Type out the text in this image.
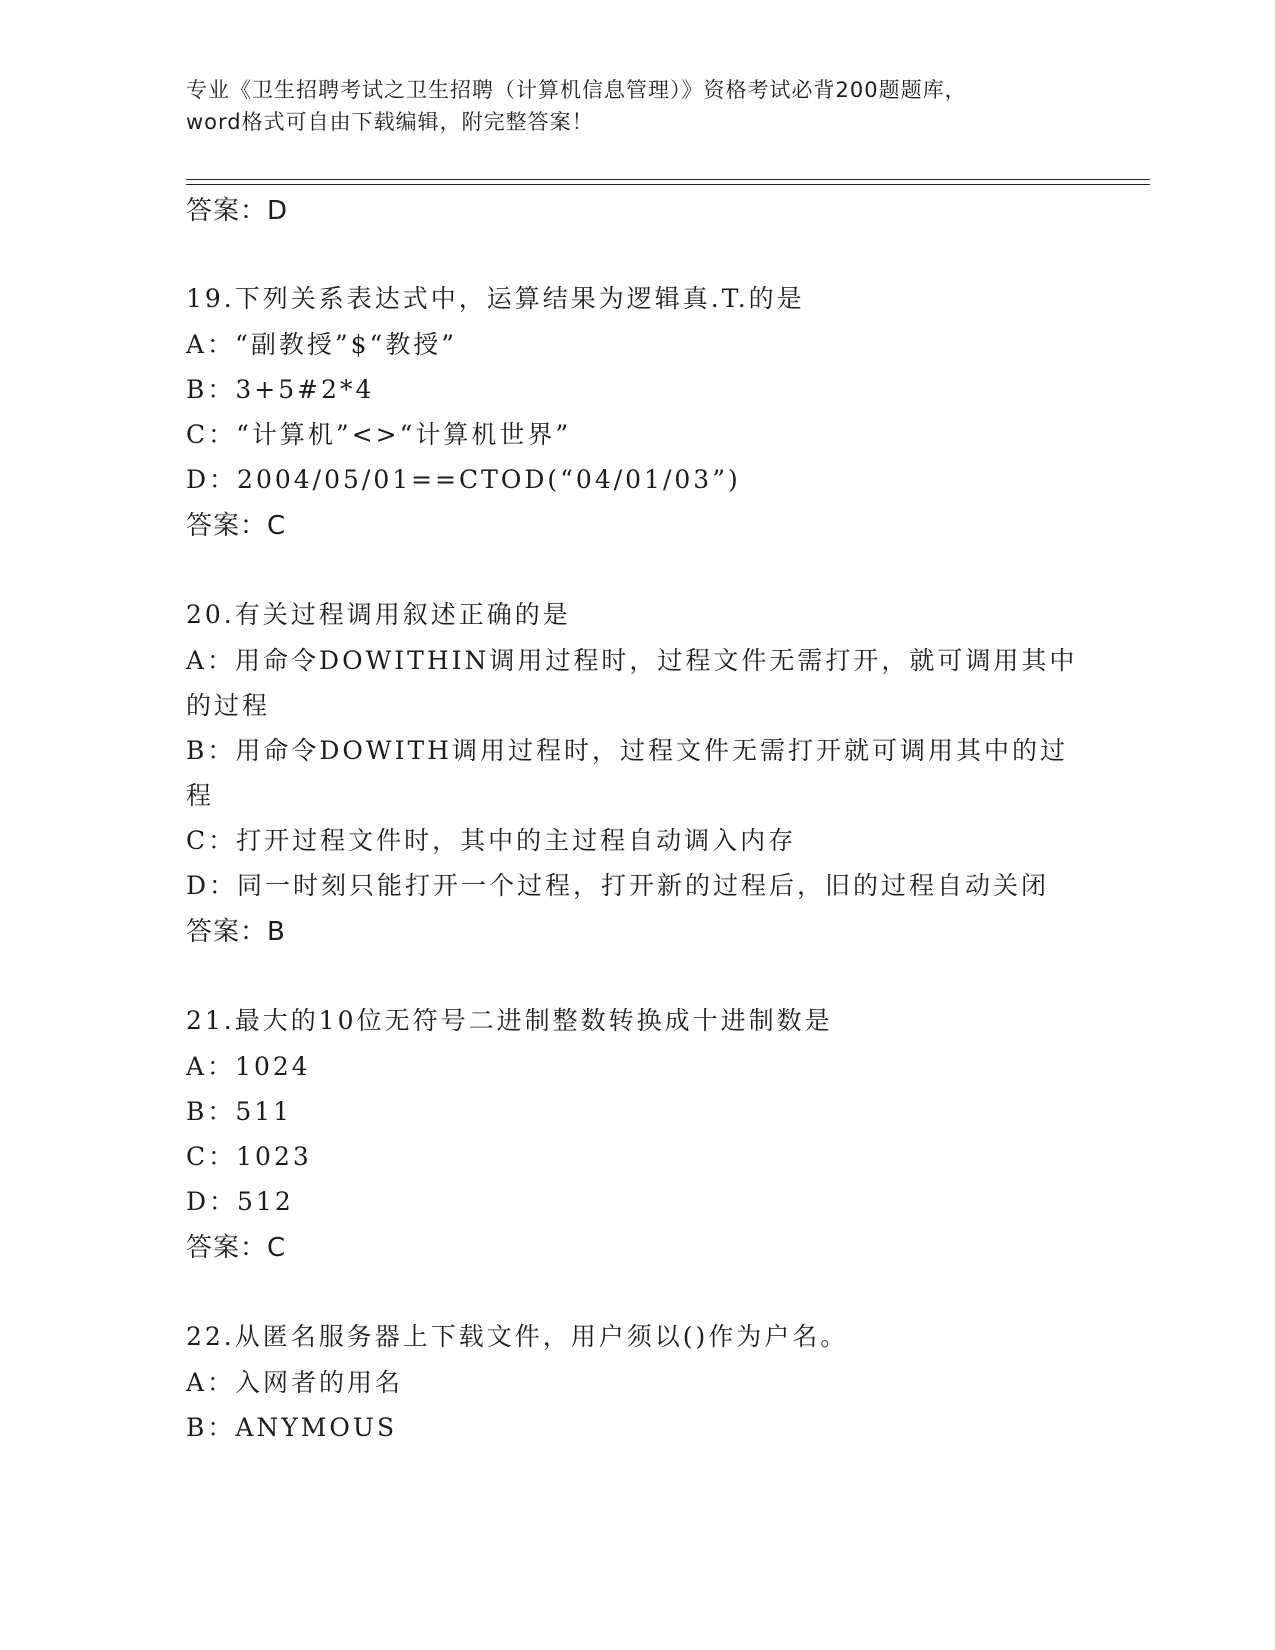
专业《卫生招聘考试之卫生招聘（计算机信息管理）》资格考试必背200题题库，

word格式可自由下载编辑，附完整答案！

答案：D

19.下列关系表达式中，运算结果为逻辑真.T.的是

A：“副教授”$“教授”

B：3+5#2*4

C：“计算机”<>“计算机世界”

D：2004/05/01==CTOD(“04/01/03”)

答案：C

20.有关过程调用叙述正确的是

A：用命令DOWITHIN调用过程时，过程文件无需打开，就可调用其中

的过程

B：用命令DOWITH调用过程时，过程文件无需打开就可调用其中的过

程

C：打开过程文件时，其中的主过程自动调入内存

D：同一时刻只能打开一个过程，打开新的过程后，旧的过程自动关闭

答案：B

21.最大的10位无符号二进制整数转换成十进制数是

A：1024

B：511

C：1023

D：512

答案：C

22.从匿名服务器上下载文件，用户须以()作为户名。

A：入网者的用名

B：ANYMOUS
